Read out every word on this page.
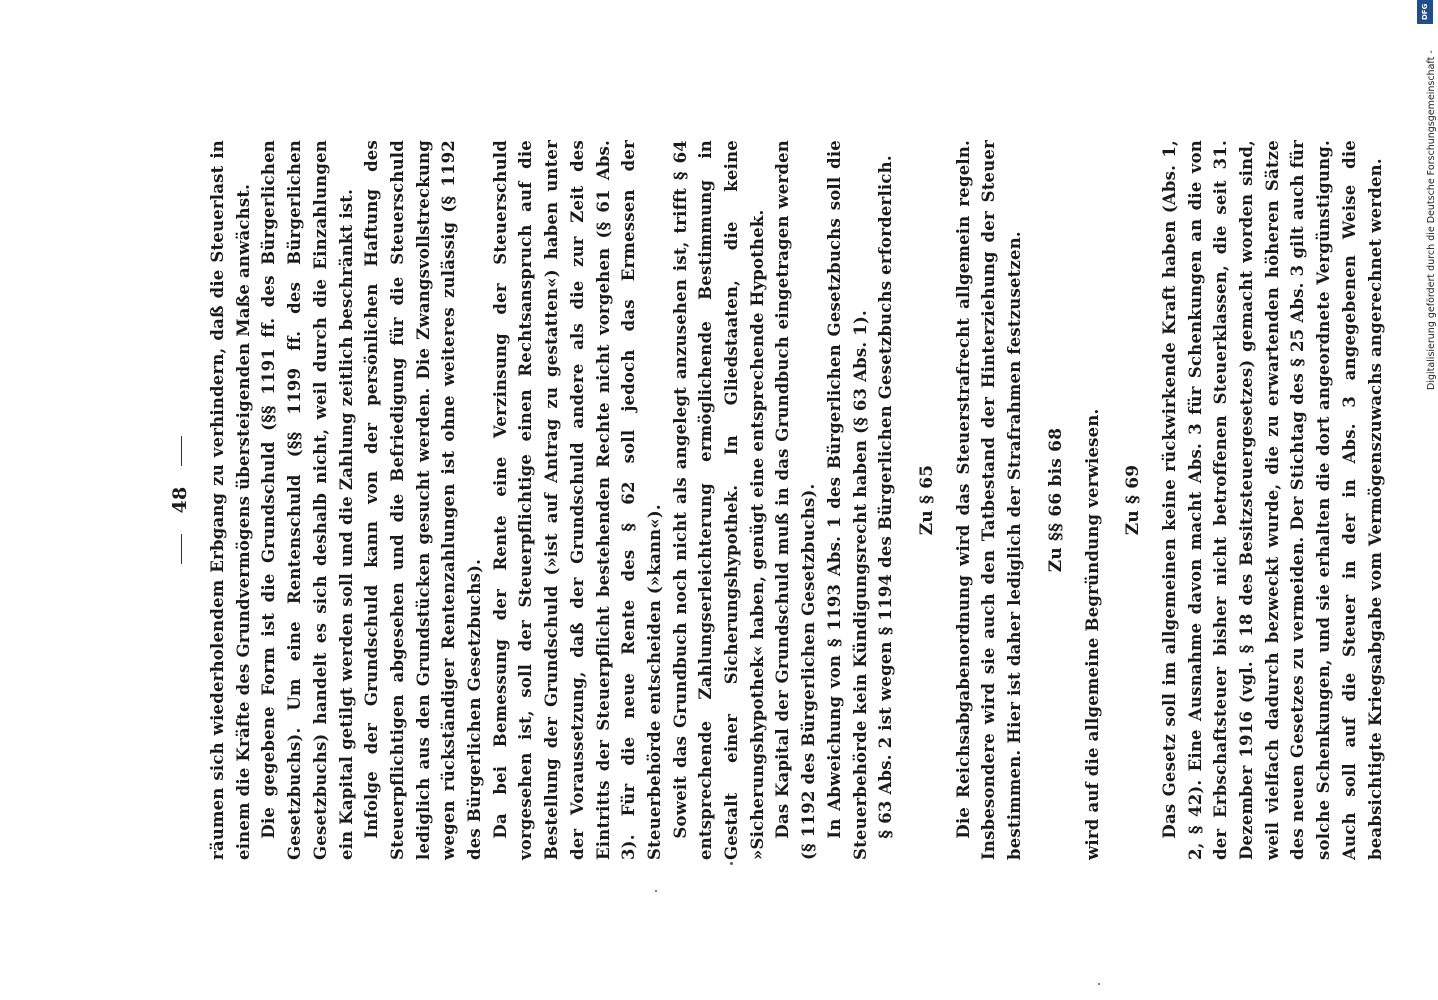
48	räumen sich wiederholendem Erbgang zu verhindern, daß die Steuerlast in einem die Kräfte des Grundvermögens übersteigenden Maße anwächst. Die gegebene Form ist die Grundschuld (§§ 1191 ff. des Bürgerlichen Gesetzbuchs). Um eine Rentenschuld (§§ 1199 ff. des Bürgerlichen Gesetzbuchs) handelt es sich deshalb nicht, weil durch die Einzahlungen ein Kapital getilgt werden soll und die Zahlung zeitlich beschränkt ist. Infolge der Grundschuld kann von der persönlichen Haftung des Steuerpflichtigen abgesehen und die Befriedigung für die Steuerschuld lediglich aus den Grundstücken gesucht werden. Die Zwangsvollstreckung wegen rückständiger Rentenzahlungen ist ohne weiteres zulässig (§ 1192 des Bürgerlichen Gesetzbuchs). Da bei Bemessung der Rente eine Verzinsung der Steuerschuld vorgesehen ist, soll der Steuerpflichtige einen Rechtsanspruch auf die Bestellung der Grundschuld (»ist auf Antrag zu gestatten«) haben unter der Voraussetzung, daß der Grundschuld andere als die zur Zeit des Eintritts der Steuerpflicht bestehenden Rechte nicht vorgehen (§ 61 Abs. 3). Für die neue Rente des § 62 soll jedoch das Ermessen der Steuerbehörde entscheiden (»kann«). Soweit das Grundbuch noch nicht als angelegt anzusehen ist, trifft § 64 entsprechende Zahlungserleichterung ermöglichende Bestimmung in Gestalt einer Sicherungshypothek. In Gliedstaaten, die keine »Sicherungshypothek« haben, genügt eine entsprechende Hypothek. Das Kapital der Grundschuld muß in das Grundbuch eingetragen werden (§ 1192 des Bürgerlichen Gesetzbuchs). In Abweichung von § 1193 Abs. 1 des Bürgerlichen Gesetzbuchs soll die Steuerbehörde kein Kündigungsrecht haben (§ 63 Abs. 1). § 63 Abs. 2 ist wegen § 1194 des Bürgerlichen Gesetzbuchs erforderlich. Zu § 65 Die Reichsabgabenordnung wird das Steuerstrafrecht allgemein regeln. Insbesondere wird sie auch den Tatbestand der Hinterziehung der Steuer bestimmen. Hier ist daher lediglich der Strafrahmen festzusetzen. Zu §§ 66 bis 68 wird auf die allgemeine Begründung verwiesen. Zu § 69 Das Gesetz soll im allgemeinen keine rückwirkende Kraft haben (Abs. 1, 2, § 42). Eine Ausnahme davon macht Abs. 3 für Schenkungen an die von der Erbschaftsteuer bisher nicht betroffenen Steuerklassen, die seit 31. Dezember 1916 (vgl. § 18 des Besitzsteuergesetzes) gemacht worden sind, weil vielfach dadurch bezweckt wurde, die zu erwartenden höheren Sätze des neuen Gesetzes zu vermeiden. Der Stichtag des § 25 Abs. 3 gilt auch für solche Schenkungen, und sie erhalten die dort angeordnete Vergünstigung. Auch soll auf die Steuer in der in Abs. 3 angegebenen Weise die beabsichtigte Kriegsabgabe vom Vermögenszuwachs angerechnet werden.

DFG
Digitalisierung gefördert durch die Deutsche Forschungsgemeinschaft -
